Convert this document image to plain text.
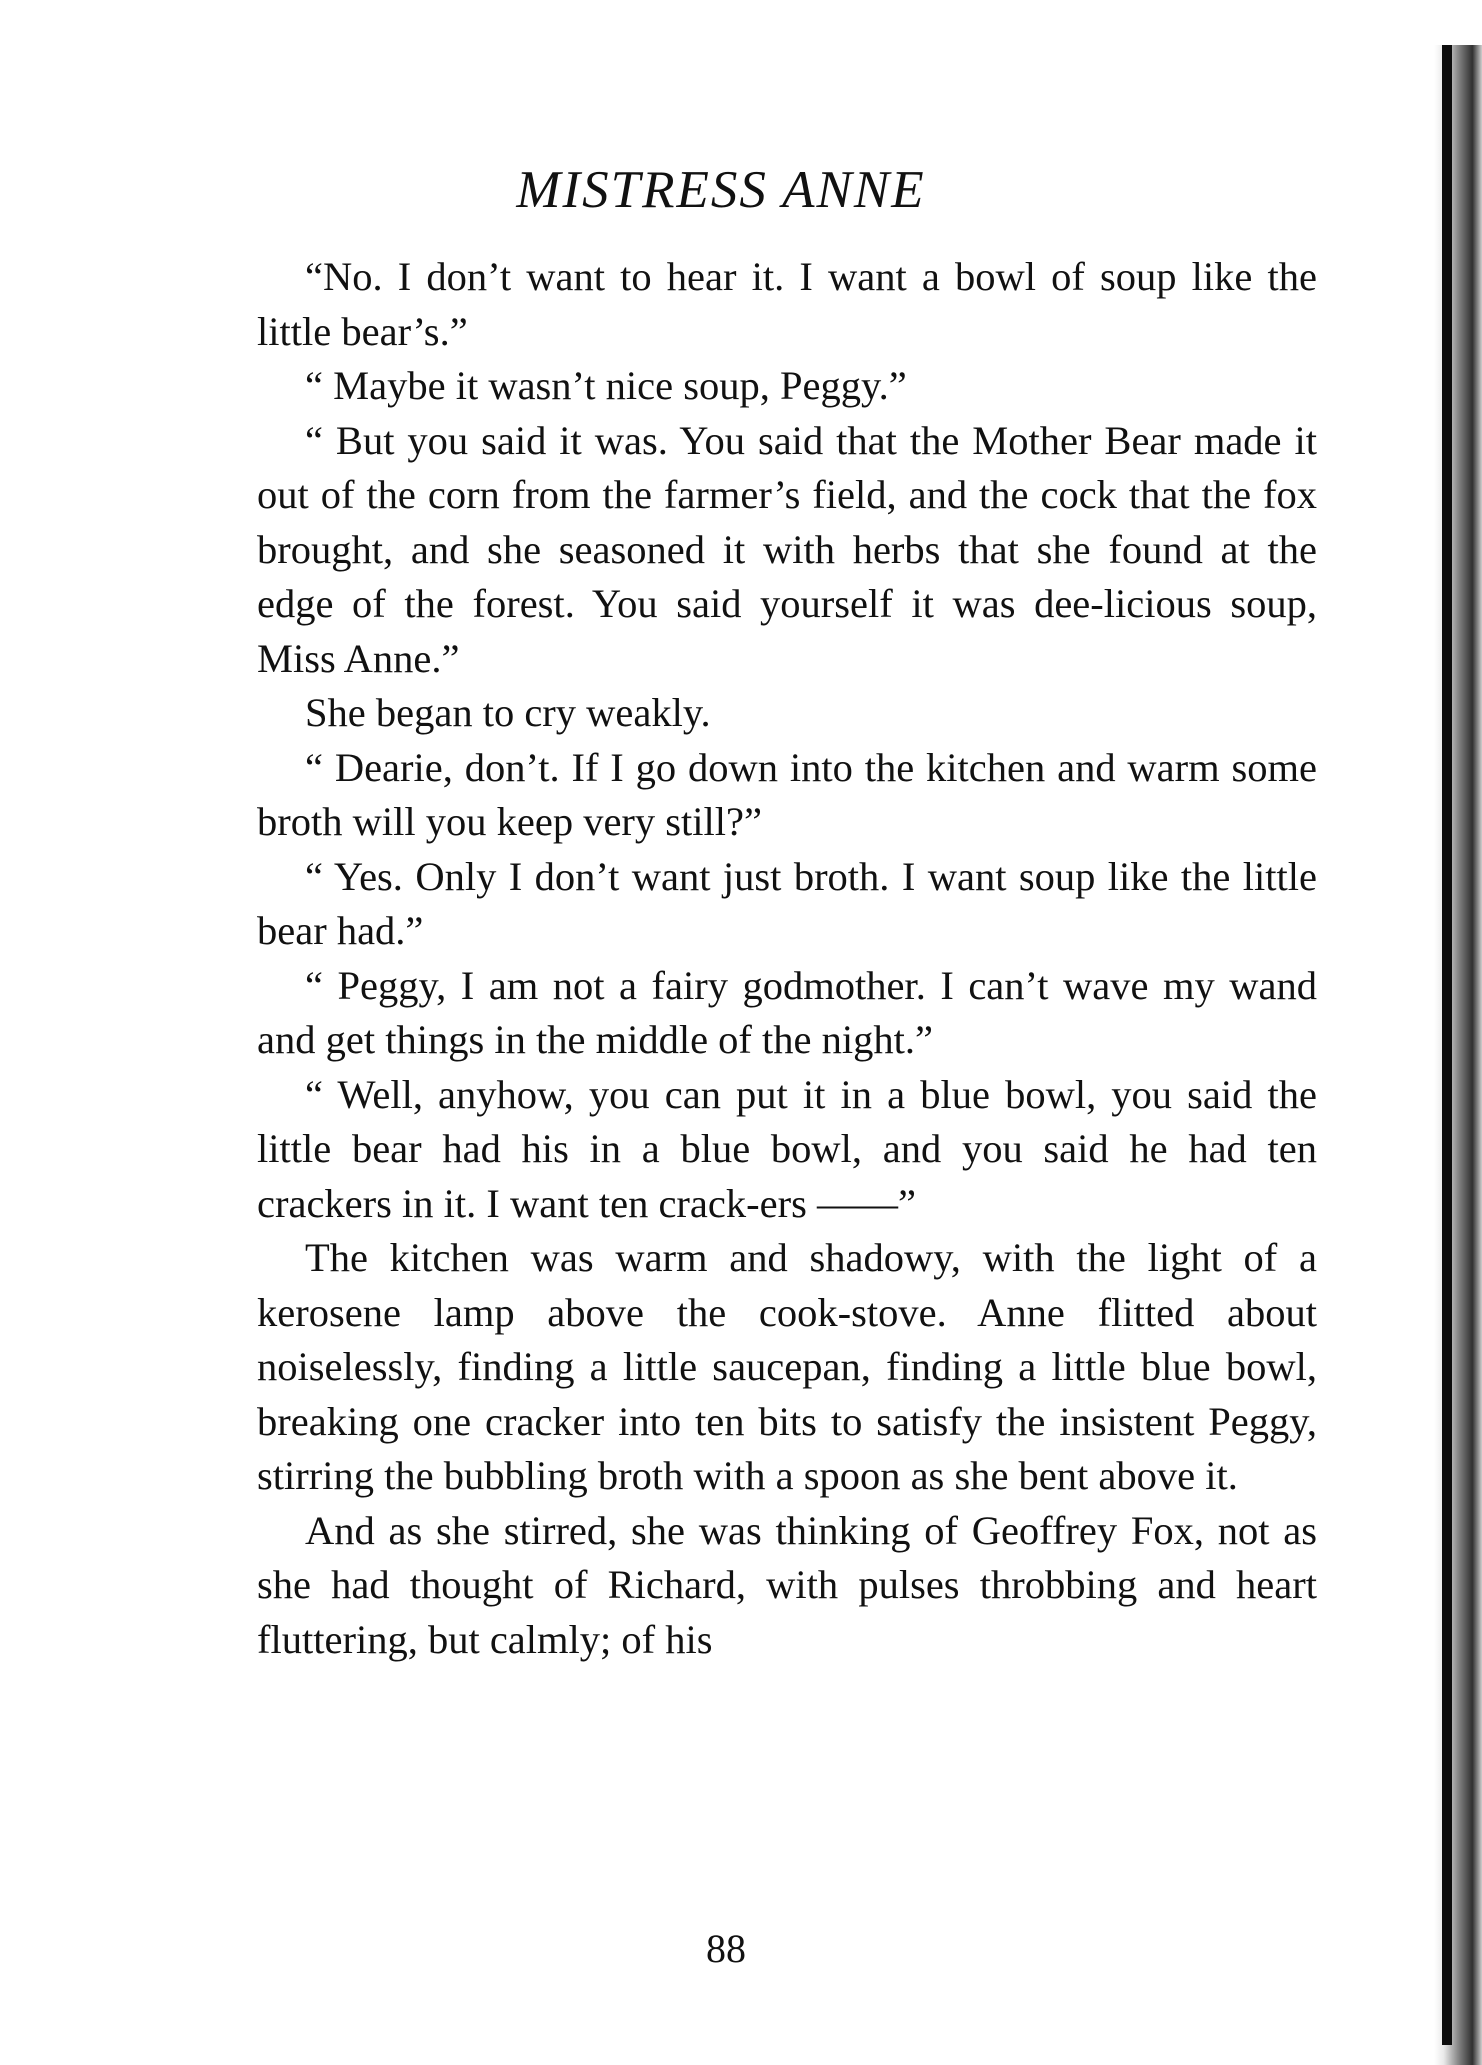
MISTRESS ANNE

“No. I don’t want to hear it. I want a bowl of soup like the little bear’s.”

“ Maybe it wasn’t nice soup, Peggy.”

“ But you said it was. You said that the Mother Bear made it out of the corn from the farmer’s field, and the cock that the fox brought, and she seasoned it with herbs that she found at the edge of the forest. You said yourself it was dee-licious soup, Miss Anne.”

She began to cry weakly.

“ Dearie, don’t. If I go down into the kitchen and warm some broth will you keep very still?”

“ Yes. Only I don’t want just broth. I want soup like the little bear had.”

“ Peggy, I am not a fairy godmother. I can’t wave my wand and get things in the middle of the night.”

“ Well, anyhow, you can put it in a blue bowl, you said the little bear had his in a blue bowl, and you said he had ten crackers in it. I want ten crack-ers ——”

The kitchen was warm and shadowy, with the light of a kerosene lamp above the cook-stove. Anne flitted about noiselessly, finding a little saucepan, finding a little blue bowl, breaking one cracker into ten bits to satisfy the insistent Peggy, stirring the bubbling broth with a spoon as she bent above it.

And as she stirred, she was thinking of Geoffrey Fox, not as she had thought of Richard, with pulses throbbing and heart fluttering, but calmly; of his

88
